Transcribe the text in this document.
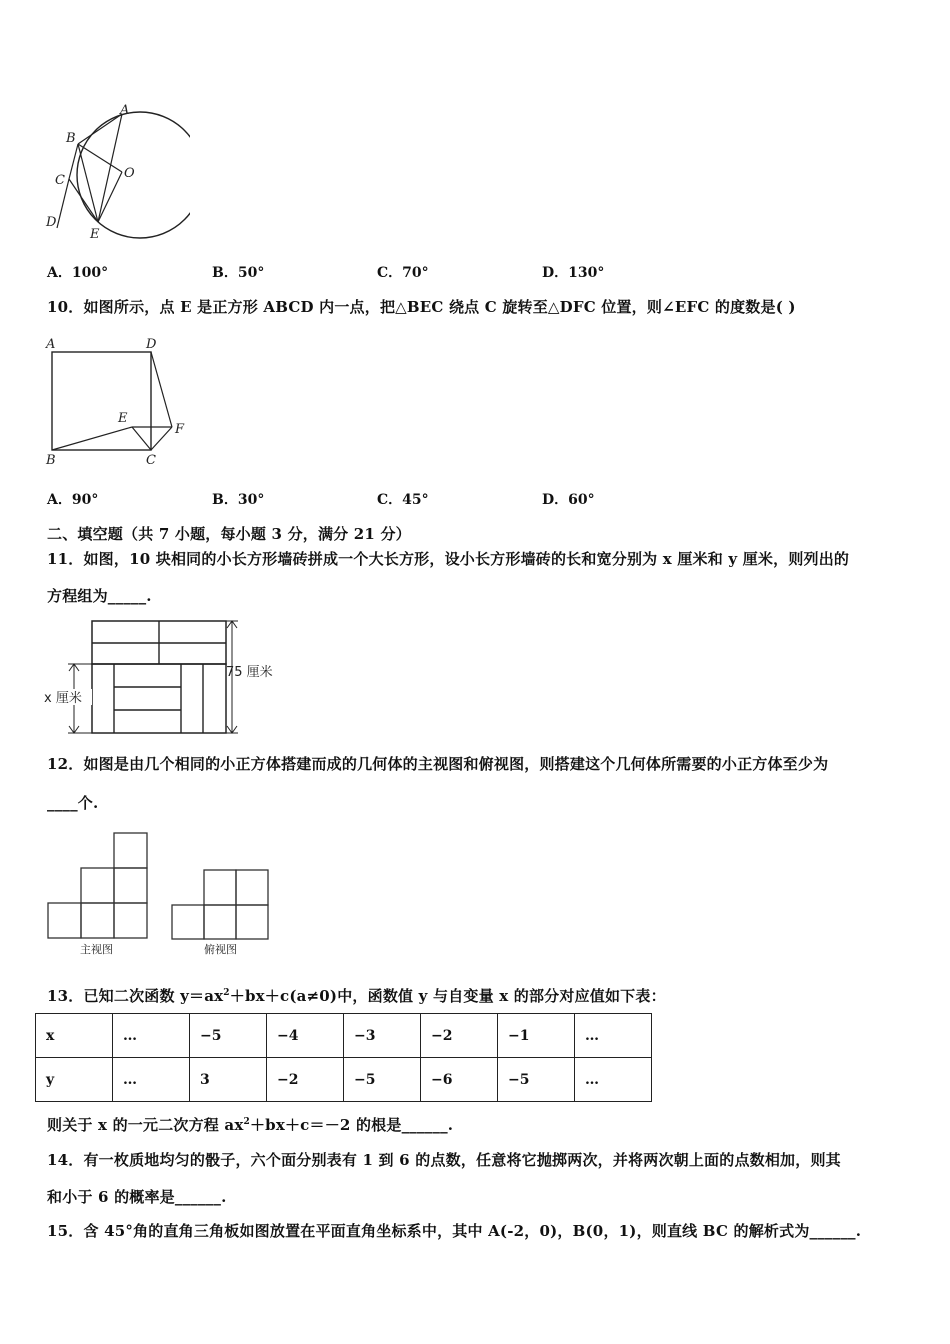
A
B
C	O
D
E
A．100°	B．50°	C．70°	D．130°
10．如图所示，点 E 是正方形 ABCD 内一点，把△BEC 绕点 C 旋转至△DFC 位置，则∠EFC 的度数是( )
A	D
E
F
B	C
A．90°	B．30°	C．45°	D．60°
二、填空题（共 7 小题，每小题 3 分，满分 21 分）
11．如图，10 块相同的小长方形墙砖拼成一个大长方形，设小长方形墙砖的长和宽分别为 x 厘米和 y 厘米，则列出的
方程组为_____.
75 厘米
x 厘米
12．如图是由几个相同的小正方体搭建而成的几何体的主视图和俯视图，则搭建这个几何体所需要的小正方体至少为
____个.
主视图	俯视图
13．已知二次函数 $y=ax^2+bx+c(a\ne 0)$中，函数值 y 与自变量 x 的部分对应值如下表：
x	…	−5	−4	−3	−2	−1	…
y	…	3	−2	−5	−6	−5	…
则关于 x 的一元二次方程 $ax^2+bx+c=-2$ 的根是______.
14．有一枚质地均匀的骰子，六个面分别表有 1 到 6 的点数，任意将它抛掷两次，并将两次朝上面的点数相加，则其
和小于 6 的概率是______.
15．含 45°角的直角三角板如图放置在平面直角坐标系中，其中 A(-2，0)，B(0，1)，则直线 BC 的解析式为______.
